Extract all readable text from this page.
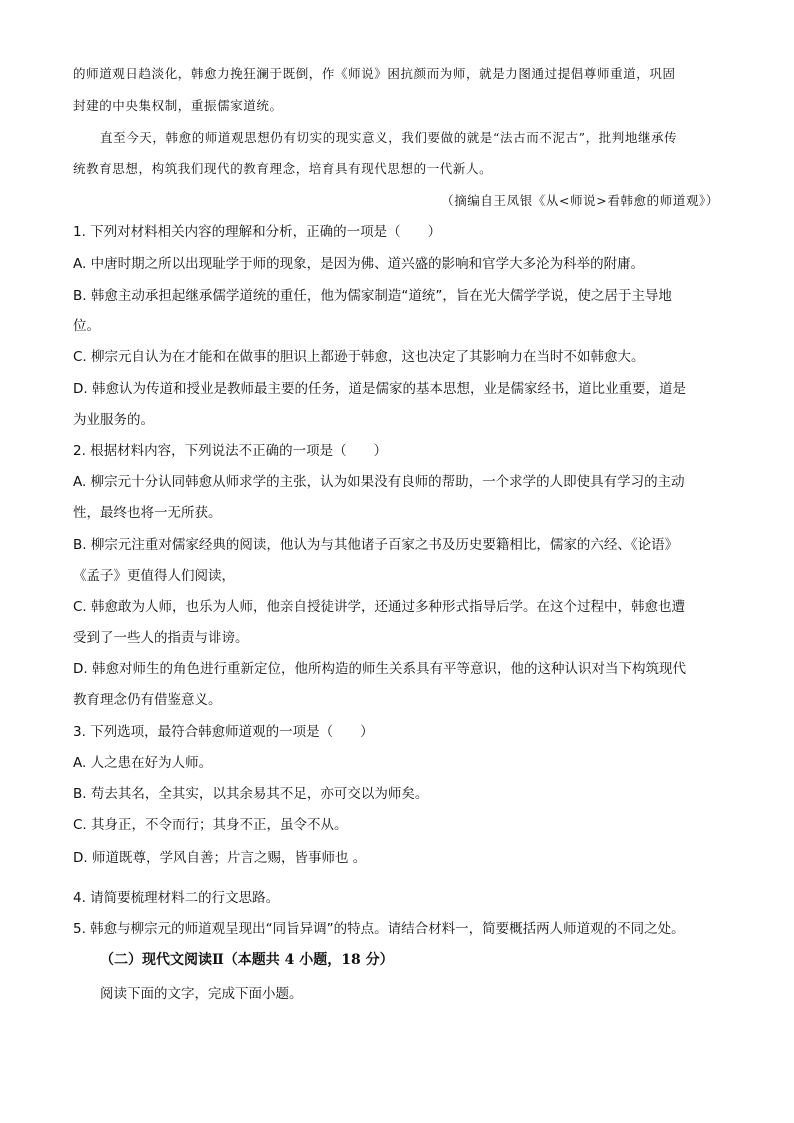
的师道观日趋淡化，韩愈力挽狂澜于既倒，作《师说》困抗颜而为师，就是力图通过提倡尊师重道，巩固
封建的中央集权制，重振儒家道统。
直至今天，韩愈的师道观思想仍有切实的现实意义，我们要做的就是“法古而不泥古”，批判地继承传
统教育思想，构筑我们现代的教育理念，培育具有现代思想的一代新人。
（摘编自王凤银《从<师说>看韩愈的师道观》）
1. 下列对材料相关内容的理解和分析，正确的一项是（　　）
A. 中唐时期之所以出现耻学于师的现象，是因为佛、道兴盛的影响和官学大多沦为科举的附庸。
B. 韩愈主动承担起继承儒学道统的重任，他为儒家制造“道统”，旨在光大儒学学说，使之居于主导地
位。
C. 柳宗元自认为在才能和在做事的胆识上都逊于韩愈，这也决定了其影响力在当时不如韩愈大。
D. 韩愈认为传道和授业是教师最主要的任务，道是儒家的基本思想，业是儒家经书，道比业重要，道是
为业服务的。
2. 根据材料内容，下列说法不正确的一项是（　　）
A. 柳宗元十分认同韩愈从师求学的主张，认为如果没有良师的帮助，一个求学的人即使具有学习的主动
性，最终也将一无所获。
B. 柳宗元注重对儒家经典的阅读，他认为与其他诸子百家之书及历史要籍相比，儒家的六经、《论语》
《孟子》更值得人们阅读，
C. 韩愈敢为人师，也乐为人师，他亲自授徒讲学，还通过多种形式指导后学。在这个过程中，韩愈也遭
受到了一些人的指责与诽谤。
D. 韩愈对师生的角色进行重新定位，他所构造的师生关系具有平等意识，他的这种认识对当下构筑现代
教育理念仍有借鉴意义。
3. 下列选项，最符合韩愈师道观的一项是（　　）
A. 人之患在好为人师。
B. 苟去其名，全其实，以其余易其不足，亦可交以为师矣。
C. 其身正，不令而行；其身不正，虽令不从。
D. 师道既尊，学风自善；片言之赐，皆事师也 。
4. 请简要梳理材料二的行文思路。
5. 韩愈与柳宗元的师道观呈现出“同旨异调”的特点。请结合材料一，简要概括两人师道观的不同之处。
（二）现代文阅读Ⅱ（本题共 4 小题，18 分）
阅读下面的文字，完成下面小题。
